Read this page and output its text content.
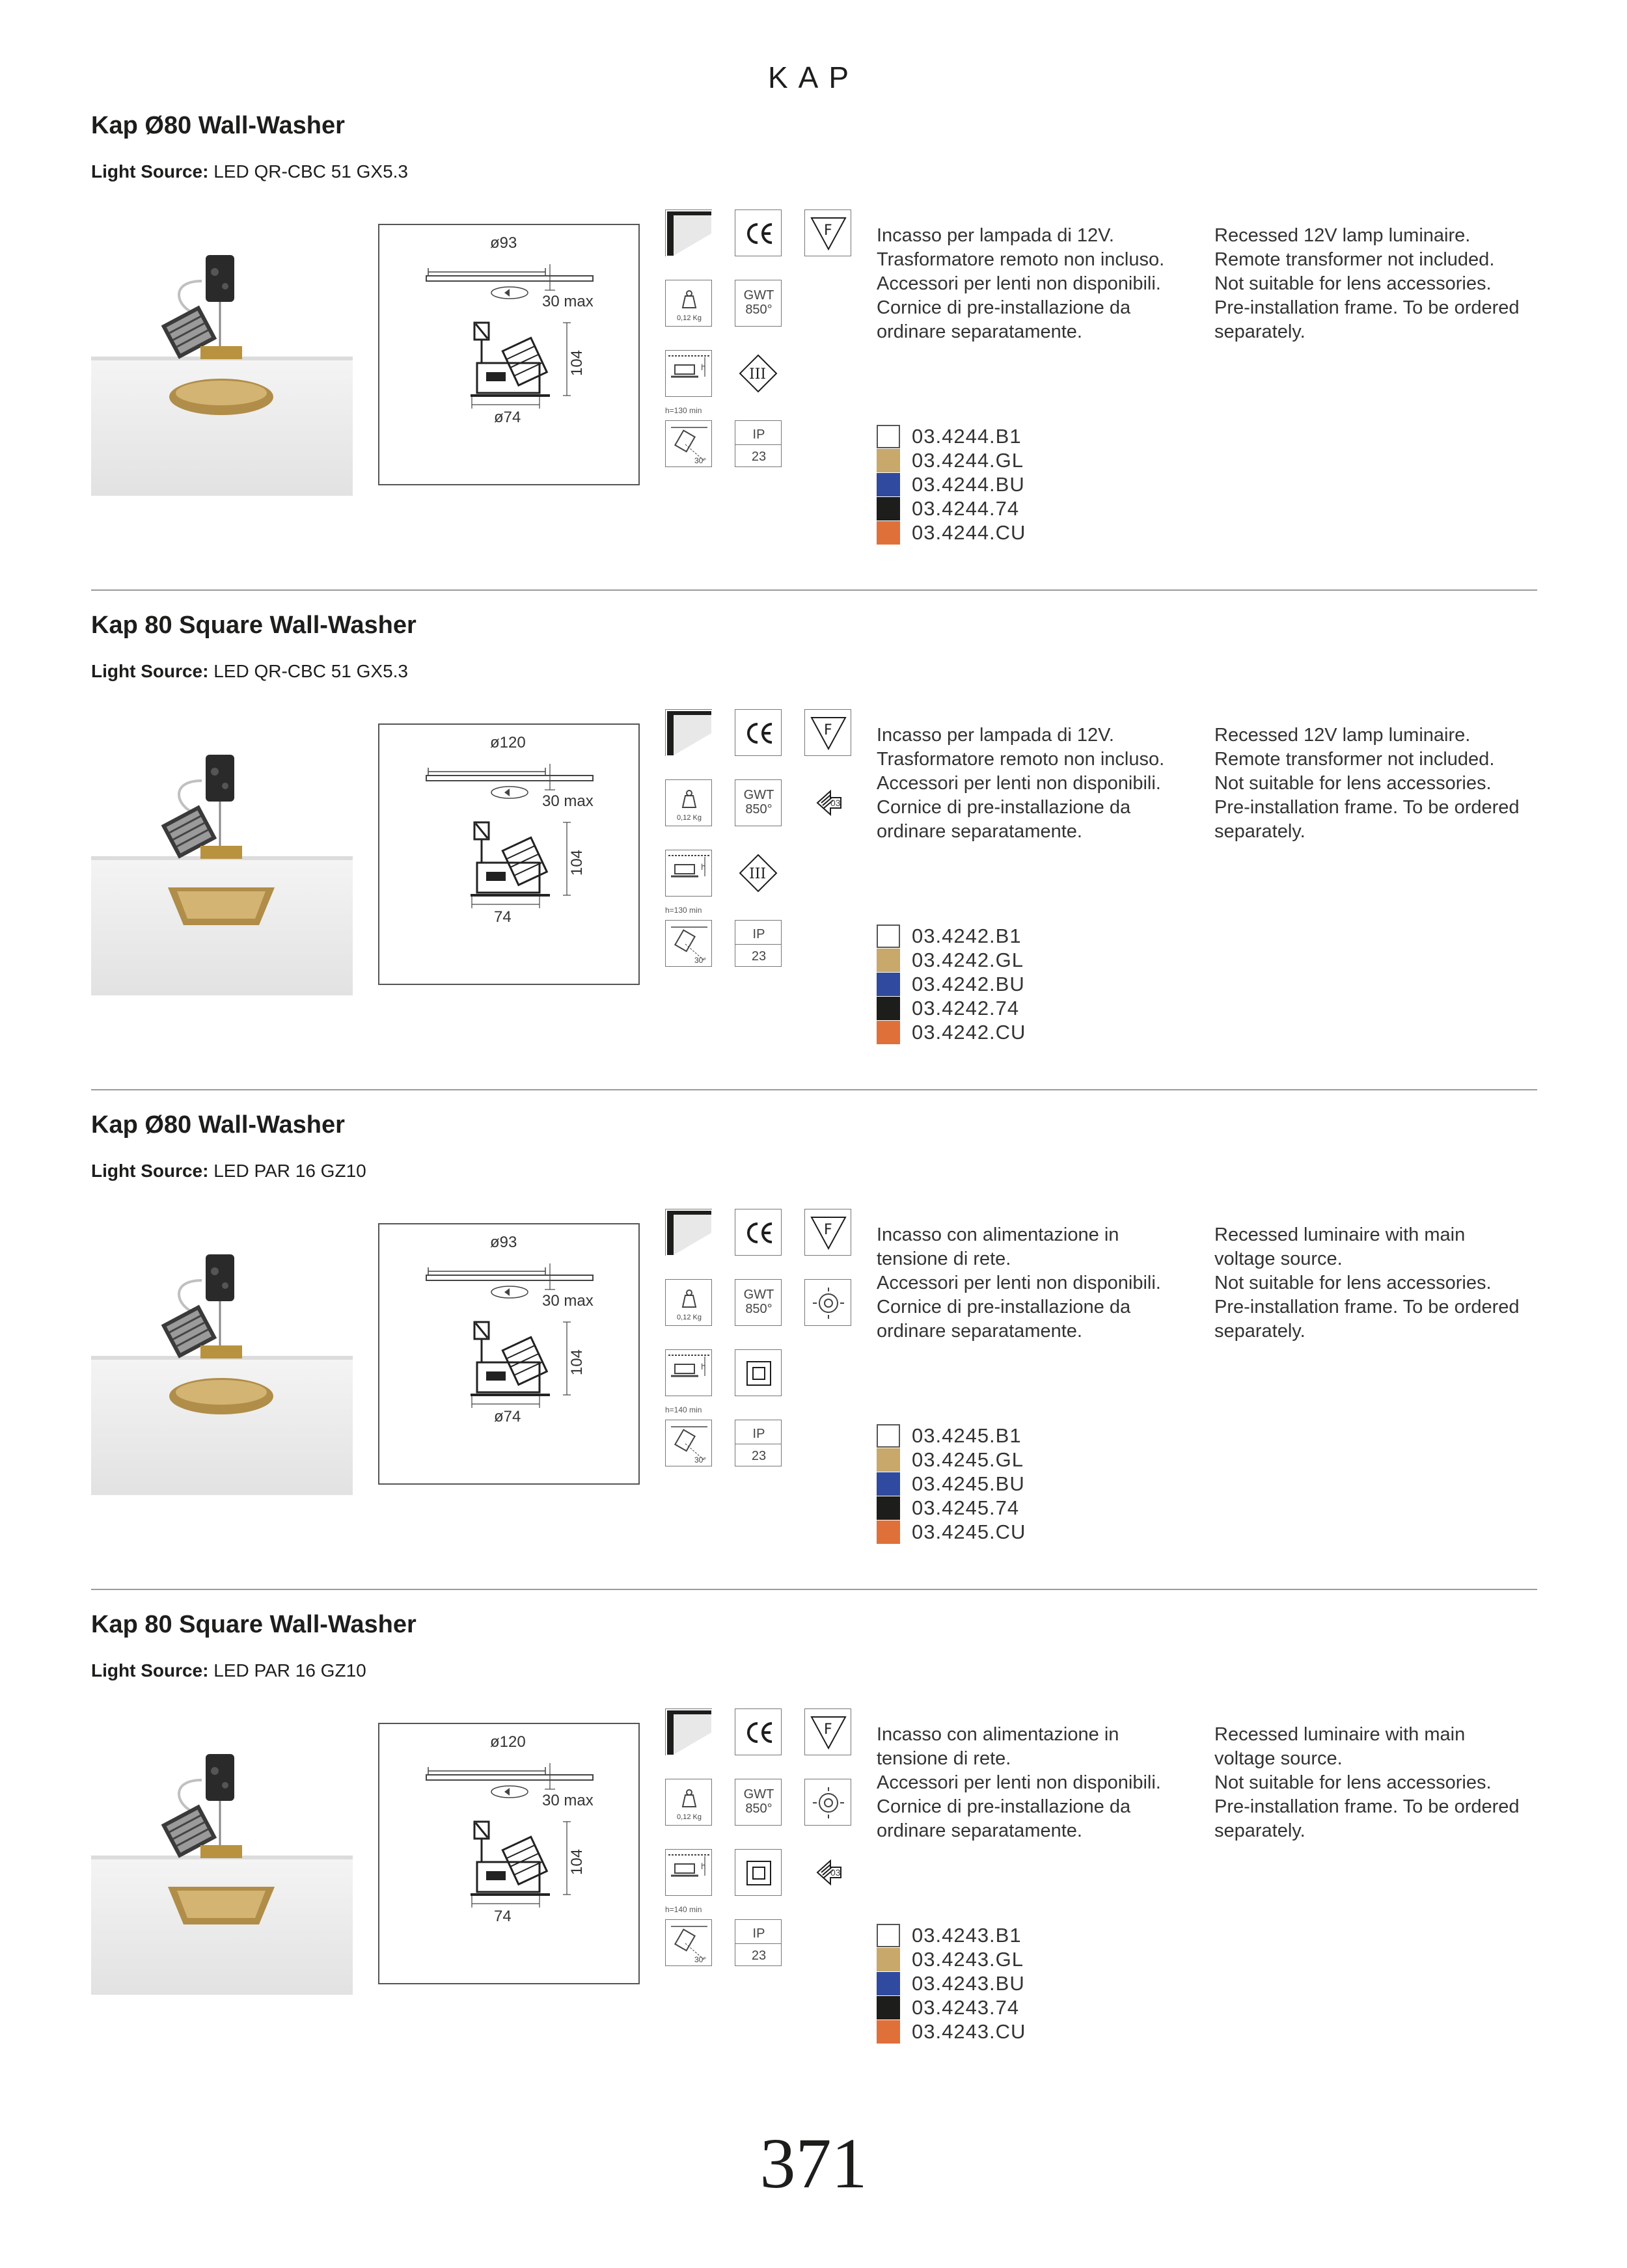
KAP
Kap Ø80 Wall-Washer
Light Source: LED QR-CBC 51 GX5.3
ø93
30 max
104
ø74
F
0,12 Kg
GWT
850°
h
h=130 min
III
30°
IP
23
Incasso per lampada di 12V.
Trasformatore remoto non incluso.
Accessori per lenti non disponibili.
Cornice di pre-installazione da
ordinare separatamente.
Recessed 12V lamp luminaire.
Remote transformer not included.
Not suitable for lens accessories.
Pre-installation frame. To be ordered
separately.
03.4244.B1
03.4244.GL
03.4244.BU
03.4244.74
03.4244.CU
Kap 80 Square Wall-Washer
Light Source: LED QR-CBC 51 GX5.3
ø120
30 max
104
74
F
0,12 Kg
GWT
850°	03
h
h=130 min
III
30°
IP
23
Incasso per lampada di 12V.
Trasformatore remoto non incluso.
Accessori per lenti non disponibili.
Cornice di pre-installazione da
ordinare separatamente.
Recessed 12V lamp luminaire.
Remote transformer not included.
Not suitable for lens accessories.
Pre-installation frame. To be ordered
separately.
03.4242.B1
03.4242.GL
03.4242.BU
03.4242.74
03.4242.CU
Kap Ø80 Wall-Washer
Light Source: LED PAR 16 GZ10
ø93
30 max
104
ø74
F
0,12 Kg
GWT
850°
h
h=140 min
30°
IP
23
Incasso con alimentazione in
tensione di rete.
Accessori per lenti non disponibili.
Cornice di pre-installazione da
ordinare separatamente.
Recessed luminaire with main
voltage source.
Not suitable for lens accessories.
Pre-installation frame. To be ordered
separately.
03.4245.B1
03.4245.GL
03.4245.BU
03.4245.74
03.4245.CU
Kap 80 Square Wall-Washer
Light Source: LED PAR 16 GZ10
ø120
30 max
104
74
F
0,12 Kg
GWT
850°
h
h=140 min
03
30°
IP
23
Incasso con alimentazione in
tensione di rete.
Accessori per lenti non disponibili.
Cornice di pre-installazione da
ordinare separatamente.
Recessed luminaire with main
voltage source.
Not suitable for lens accessories.
Pre-installation frame. To be ordered
separately.
03.4243.B1
03.4243.GL
03.4243.BU
03.4243.74
03.4243.CU
371
